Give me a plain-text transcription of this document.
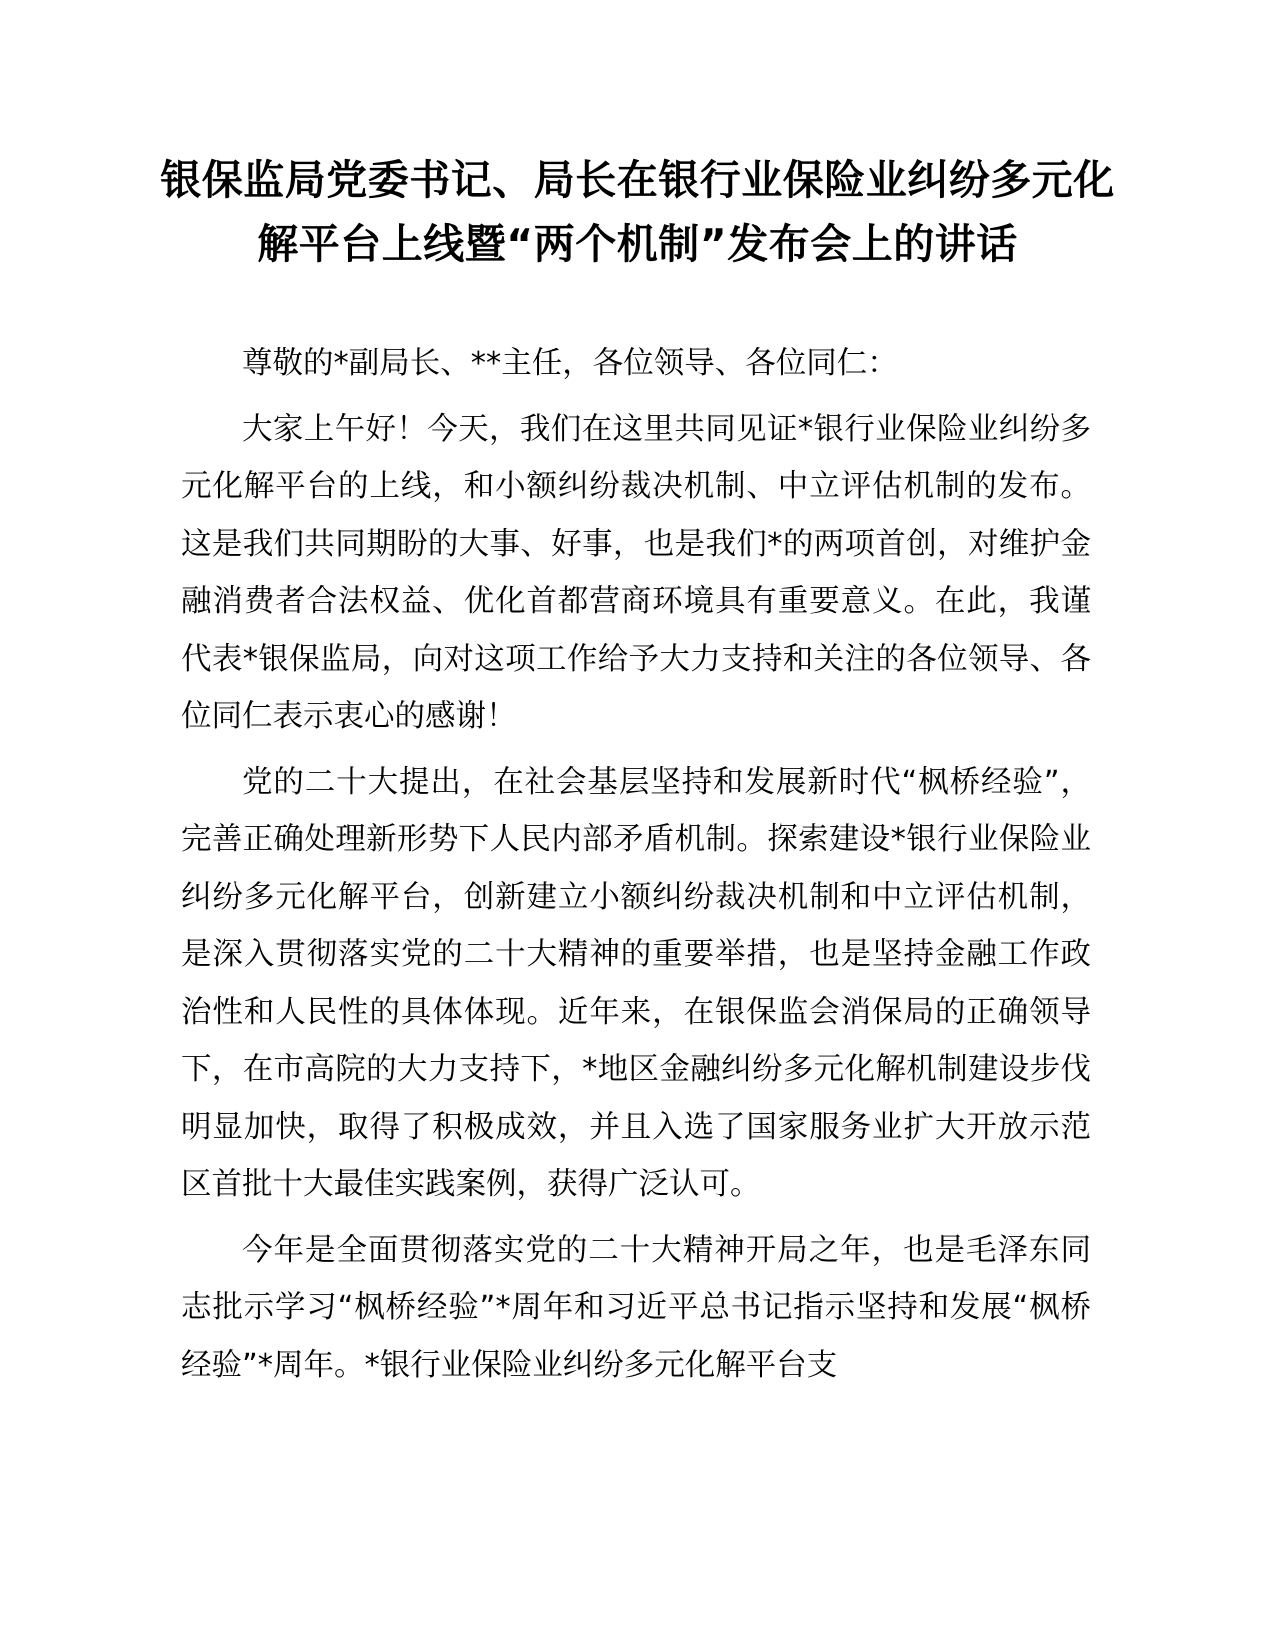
银保监局党委书记、局长在银行业保险业纠纷多元化解平台上线暨“两个机制”发布会上的讲话

尊敬的*副局长、**主任，各位领导、各位同仁：

大家上午好！今天，我们在这里共同见证*银行业保险业纠纷多元化解平台的上线，和小额纠纷裁决机制、中立评估机制的发布。这是我们共同期盼的大事、好事，也是我们*的两项首创，对维护金融消费者合法权益、优化首都营商环境具有重要意义。在此，我谨代表*银保监局，向对这项工作给予大力支持和关注的各位领导、各位同仁表示衷心的感谢！

党的二十大提出，在社会基层坚持和发展新时代“枫桥经验”，完善正确处理新形势下人民内部矛盾机制。探索建设*银行业保险业纠纷多元化解平台，创新建立小额纠纷裁决机制和中立评估机制，是深入贯彻落实党的二十大精神的重要举措，也是坚持金融工作政治性和人民性的具体体现。近年来，在银保监会消保局的正确领导下，在市高院的大力支持下，*地区金融纠纷多元化解机制建设步伐明显加快，取得了积极成效，并且入选了国家服务业扩大开放示范区首批十大最佳实践案例，获得广泛认可。

今年是全面贯彻落实党的二十大精神开局之年，也是毛泽东同志批示学习“枫桥经验”*周年和习近平总书记指示坚持和发展“枫桥经验”*周年。*银行业保险业纠纷多元化解平台支
